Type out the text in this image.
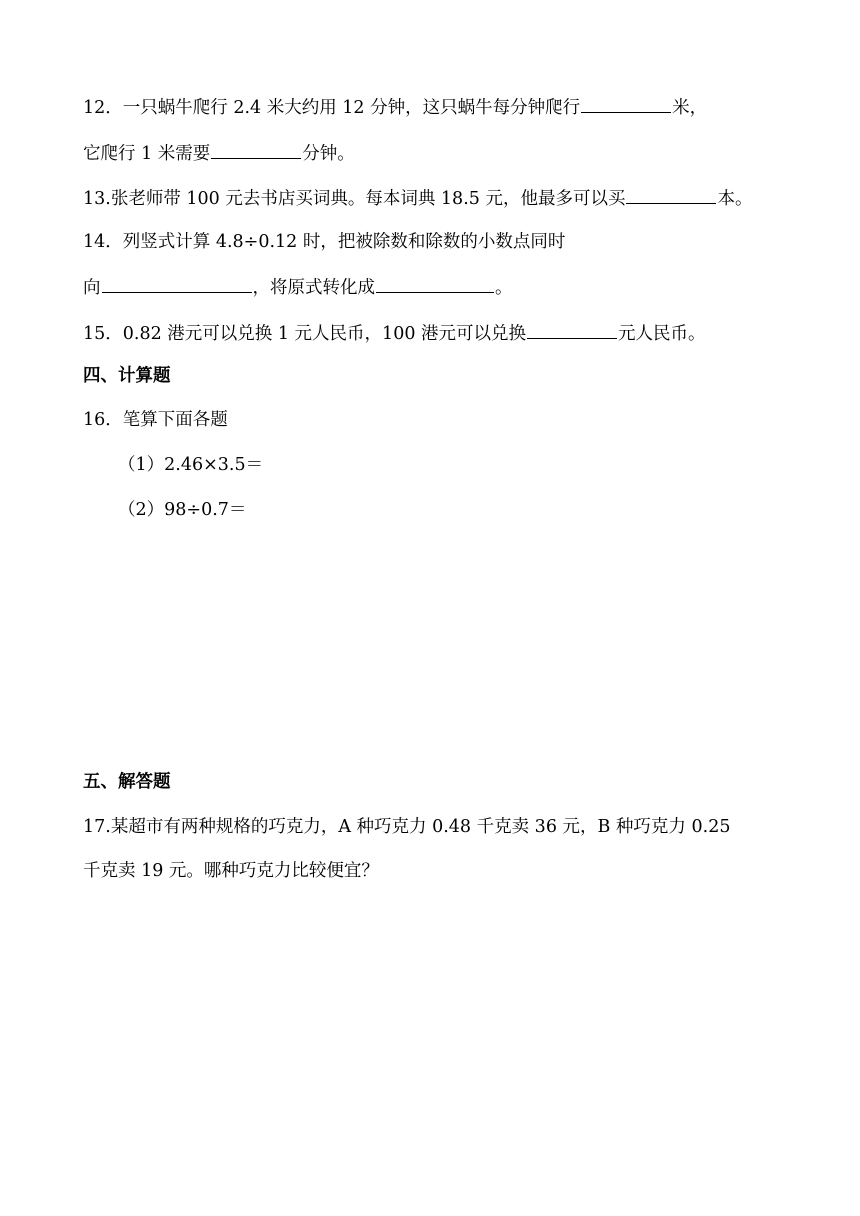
12．一只蜗牛爬行 2.4 米大约用 12 分钟，这只蜗牛每分钟爬行	米，
它爬行 1 米需要	分钟。
13.张老师带 100 元去书店买词典。每本词典 18.5 元，他最多可以买	本。
14．列竖式计算 4.8÷0.12 时，把被除数和除数的小数点同时
向	，将原式转化成	。
15．0.82 港元可以兑换 1 元人民币，100 港元可以兑换	元人民币。
四、计算题
16．笔算下面各题
（1）2.46×3.5＝
（2）98÷0.7＝
五、解答题
17.某超市有两种规格的巧克力，A 种巧克力 0.48 千克卖 36 元，B 种巧克力 0.25
千克卖 19 元。哪种巧克力比较便宜？
